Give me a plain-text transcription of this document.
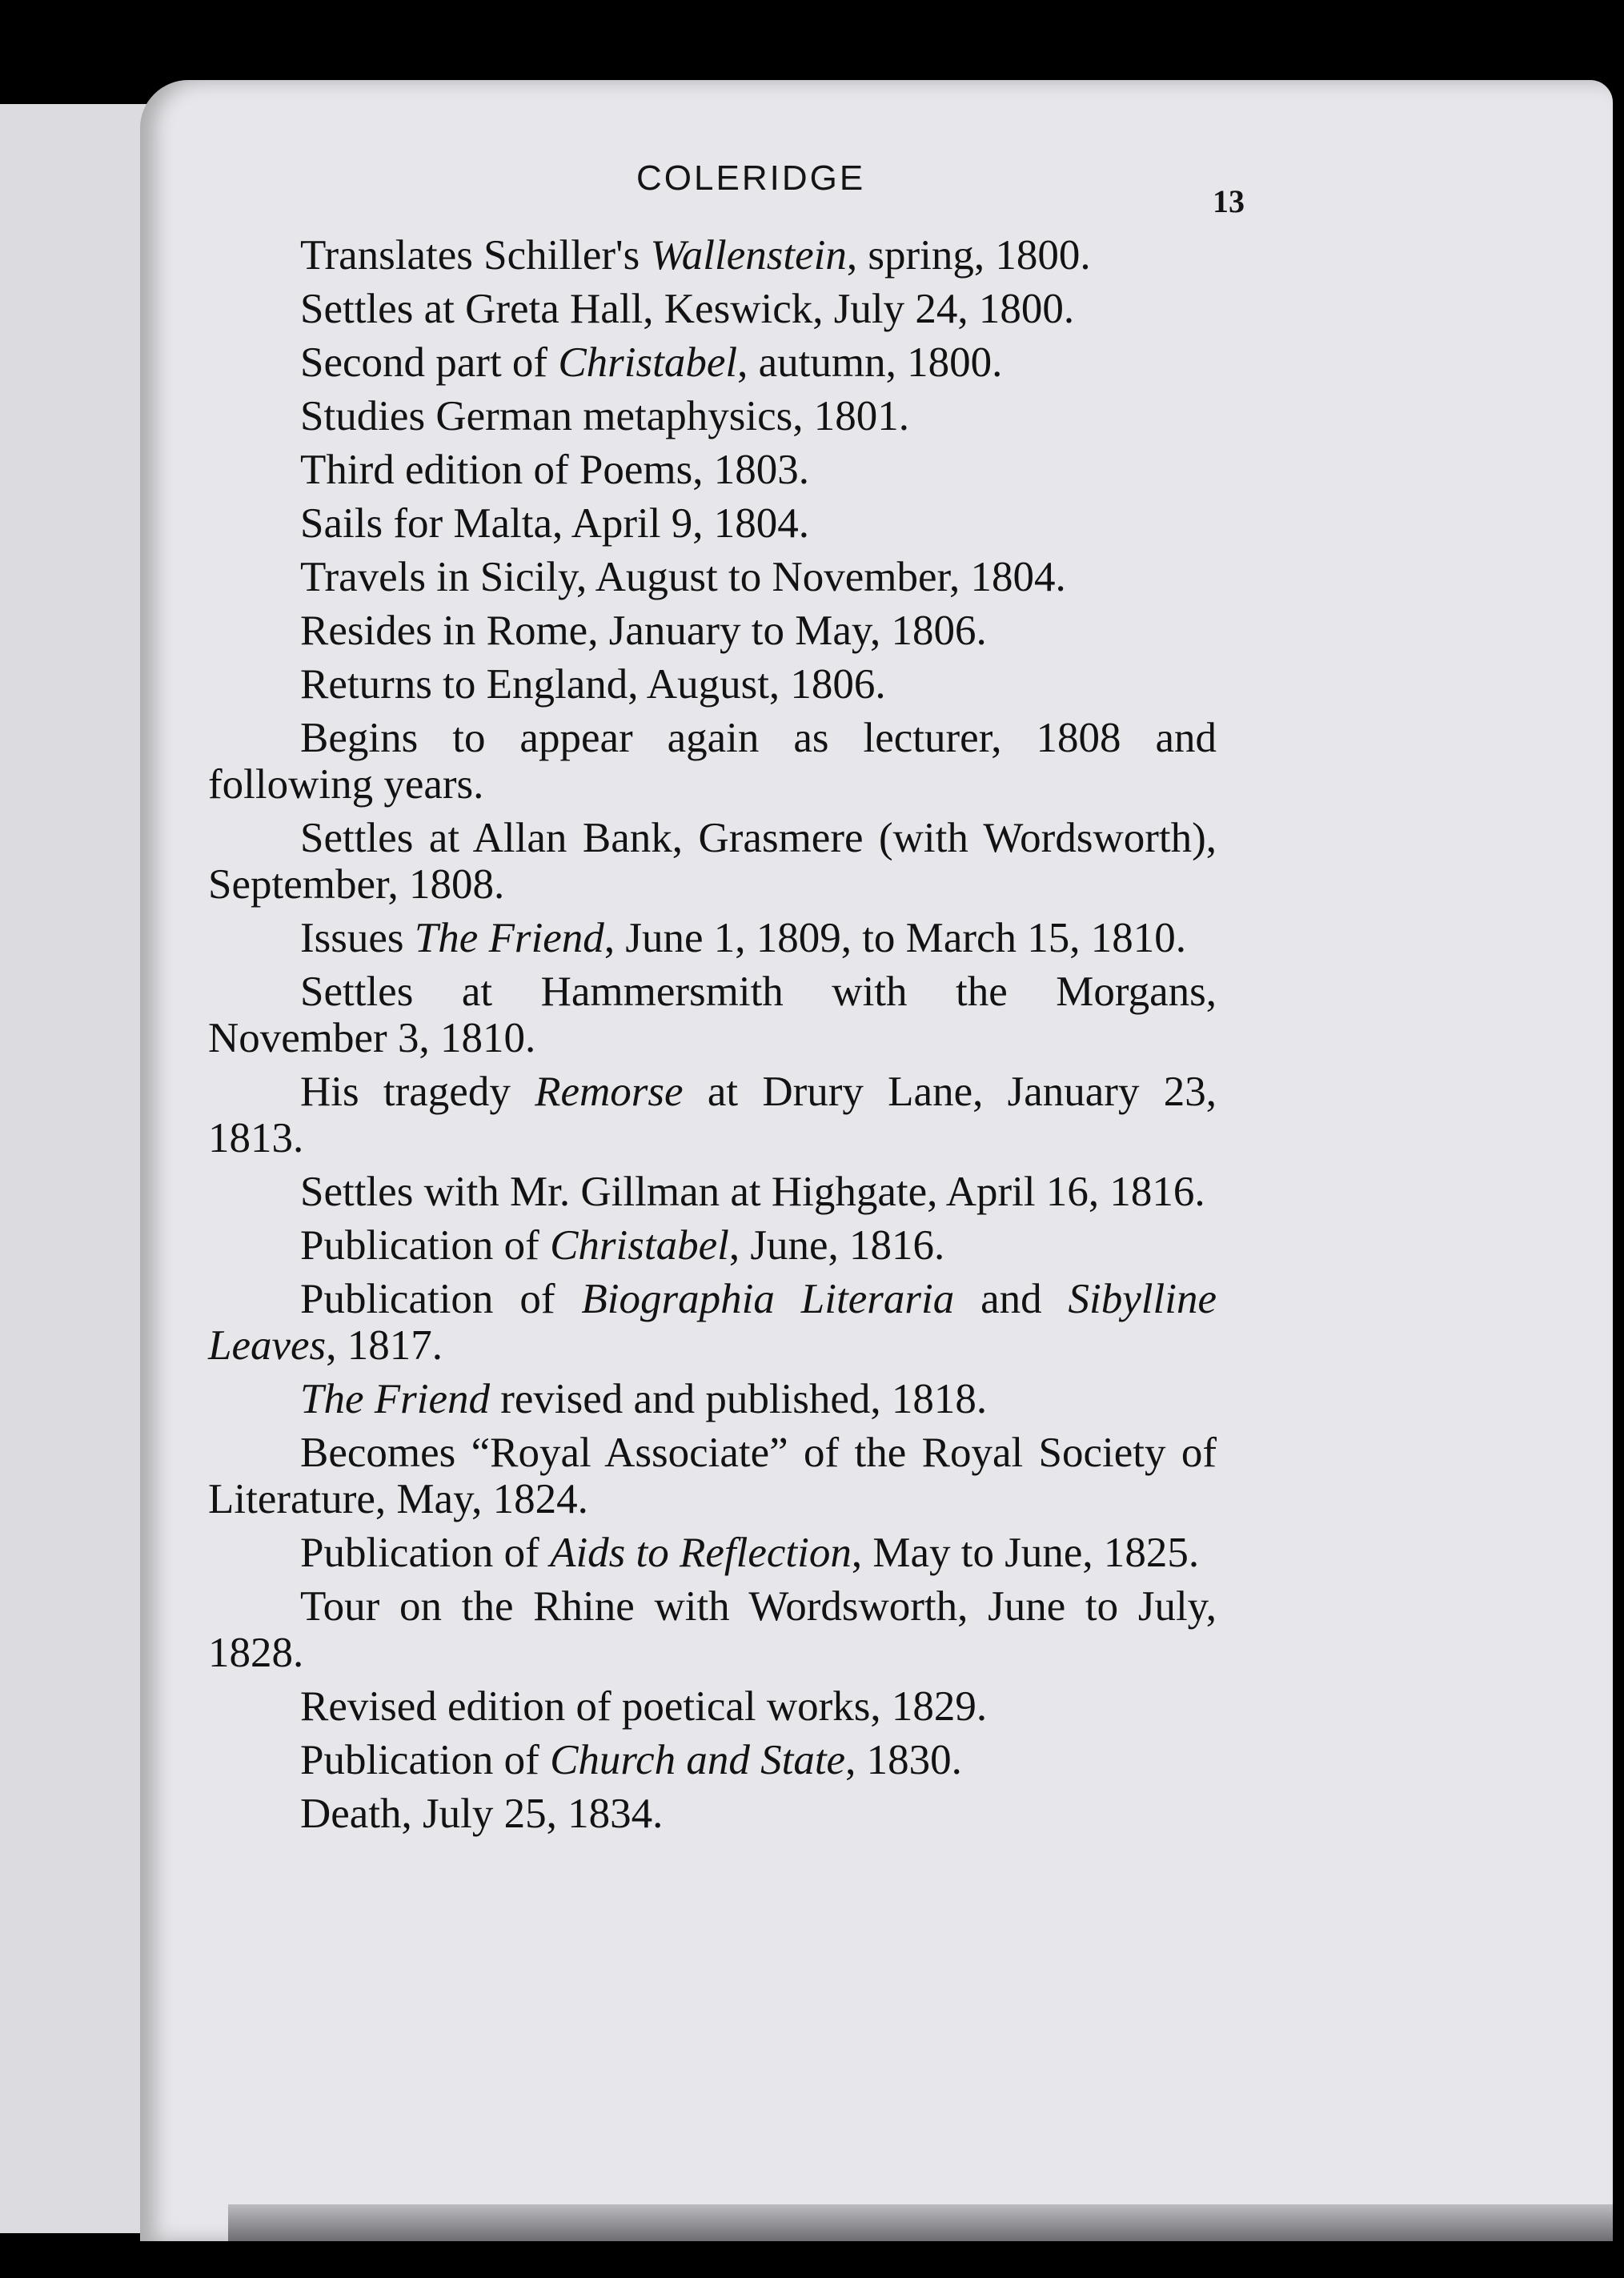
COLERIDGE
13

Translates Schiller's Wallenstein, spring, 1800.

Settles at Greta Hall, Keswick, July 24, 1800.

Second part of Christabel, autumn, 1800.

Studies German metaphysics, 1801.

Third edition of Poems, 1803.

Sails for Malta, April 9, 1804.

Travels in Sicily, August to November, 1804.

Resides in Rome, January to May, 1806.

Returns to England, August, 1806.

Begins to appear again as lecturer, 1808 and following years.

Settles at Allan Bank, Grasmere (with Wordsworth), September, 1808.

Issues The Friend, June 1, 1809, to March 15, 1810.

Settles at Hammersmith with the Morgans, November 3, 1810.

His tragedy Remorse at Drury Lane, January 23, 1813.

Settles with Mr. Gillman at Highgate, April 16, 1816.

Publication of Christabel, June, 1816.

Publication of Biographia Literaria and Sibylline Leaves, 1817.

The Friend revised and published, 1818.

Becomes “Royal Associate” of the Royal Society of Literature, May, 1824.

Publication of Aids to Reflection, May to June, 1825.

Tour on the Rhine with Wordsworth, June to July, 1828.

Revised edition of poetical works, 1829.

Publication of Church and State, 1830.

Death, July 25, 1834.
